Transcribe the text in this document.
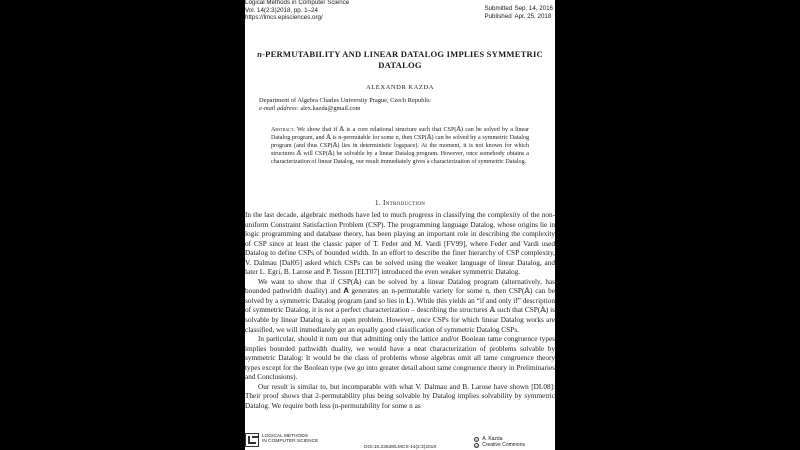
Logical Methods in Computer Science
Vol. 14(2:3)2018, pp. 1–24
https://lmcs.episciences.org/
Submitted Sep. 14, 2016
Published Apr. 25, 2018
n-PERMUTABILITY AND LINEAR DATALOG IMPLIES SYMMETRIC
DATALOG
ALEXANDR KAZDA
Department of Algebra Charles University Prague, Czech Republic
e-mail address: alex.kazda@gmail.com
Abstract. We show that if 𝔸 is a core relational structure such that CSP(𝔸) can be solved by a linear Datalog program, and 𝔸 is n-permutable for some n, then CSP(𝔸) can be solved by a symmetric Datalog program (and thus CSP(𝔸) lies in deterministic logspace). At the moment, it is not known for which structures 𝔸 will CSP(𝔸) be solvable by a linear Datalog program. However, once somebody obtains a characterization of linear Datalog, our result immediately gives a characterization of symmetric Datalog.
1. Introduction

In the last decade, algebraic methods have led to much progress in classifying the complexity of the non-uniform Constraint Satisfaction Problem (CSP). The programming language Datalog, whose origins lie in logic programming and database theory, has been playing an important role in describing the complexity of CSP since at least the classic paper of T. Feder and M. Vardi [FV99], where Feder and Vardi used Datalog to define CSPs of bounded width. In an effort to describe the finer hierarchy of CSP complexity, V. Dalmau [Dal05] asked which CSPs can be solved using the weaker language of linear Datalog, and later L. Egri, B. Larose and P. Tesson [ELT07] introduced the even weaker symmetric Datalog.

We want to show that if CSP(𝔸) can be solved by a linear Datalog program (alternatively, has bounded pathwidth duality) and 𝐀 generates an n-permutable variety for some n, then CSP(𝔸) can be solved by a symmetric Datalog program (and so lies in 𝐋). While this yields an “if and only if” description of symmetric Datalog, it is not a perfect characterization – describing the structures 𝔸 such that CSP(𝔸) is solvable by linear Datalog is an open problem. However, once CSPs for which linear Datalog works are classified, we will immediately get an equally good classification of symmetric Datalog CSPs.

In particular, should it turn out that admitting only the lattice and/or Boolean tame congruence types implies bounded pathwidth duality, we would have a neat characterization of problems solvable by symmetric Datalog: It would be the class of problems whose algebras omit all tame congruence theory types except for the Boolean type (we go into greater detail about tame congruence theory in Preliminaries and Conclusions).

Our result is similar to, but incomparable with what V. Dalmau and B. Larose have shown [DL08]: Their proof shows that 2-permutability plus being solvable by Datalog implies solvability by symmetric Datalog. We require both less (n-permutability for some n as

LOGICAL METHODS
IN COMPUTER SCIENCE
DOI:10.23638/LMCS-14(2:3)2018
© A. Kazda
cc Creative Commons
